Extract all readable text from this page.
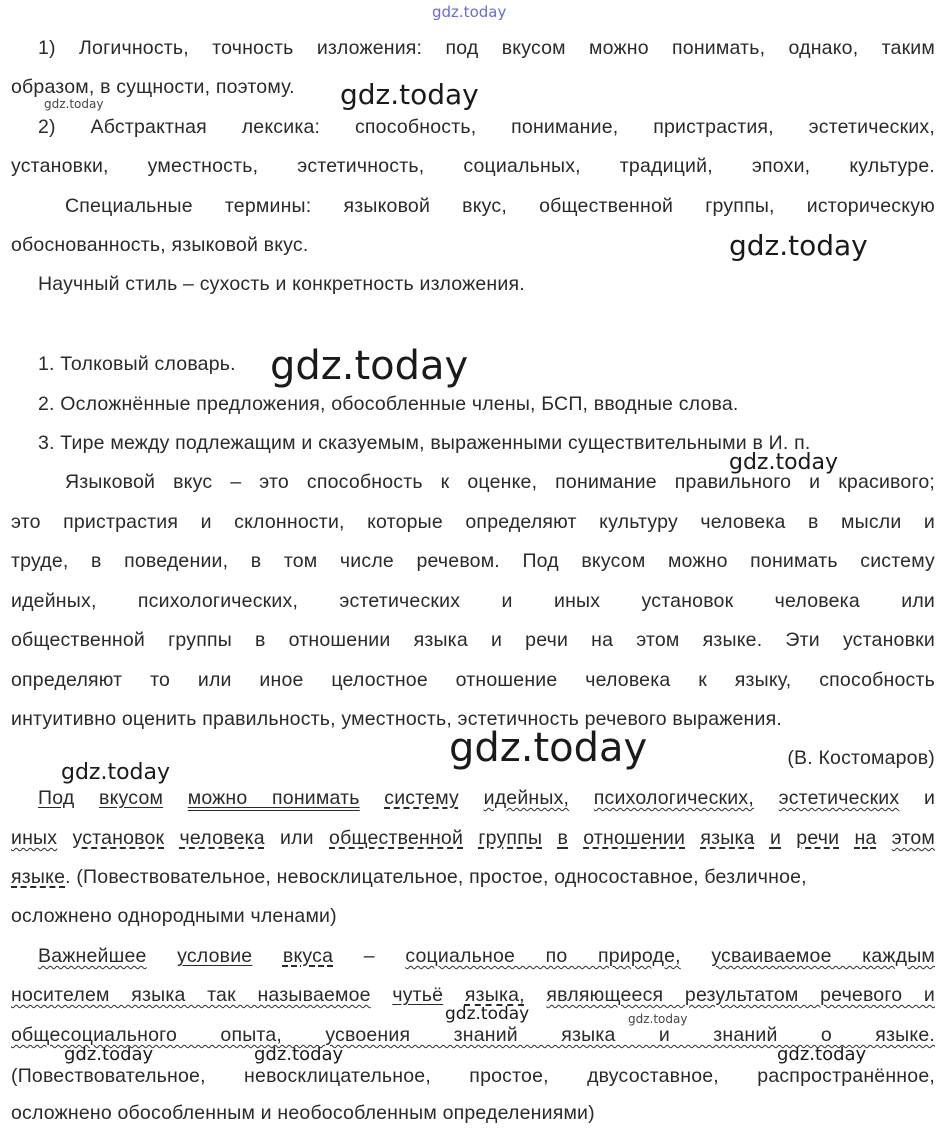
gdz.today
1) Логичность, точность изложения: под вкусом можно понимать, однако, таким
образом, в сущности, поэтому.
gdz.today	gdz.today
2) Абстрактная лексика: способность, понимание, пристрастия, эстетических,
установки, уместность, эстетичность, социальных, традиций, эпохи, культуре.
Специальные термины: языковой вкус, общественной группы, историческую
обоснованность, языковой вкус.	gdz.today
Научный стиль – сухость и конкретность изложения.
1. Толковый словарь. gdz.today
2. Осложнённые предложения, обособленные члены, БСП, вводные слова.
3. Тире между подлежащим и сказуемым, выраженными существительными в И. п.
gdz.today
Языковой вкус – это способность к оценке, понимание правильного и красивого;
это пристрастия и склонности, которые определяют культуру человека в мысли и
труде, в поведении, в том числе речевом. Под вкусом можно понимать систему
идейных, психологических, эстетических и иных установок человека или
общественной группы в отношении языка и речи на этом языке. Эти установки
определяют то или иное целостное отношение человека к языку, способность
интуитивно оценить правильность, уместность, эстетичность речевого выражения.
gdz.today	(В. Костомаров)
gdz.today
Под вкусом можно понимать систему идейных, психологических, эстетических и
иных установок человека или общественной группы в отношении языка и речи на этом
языке. (Повествовательное, невосклицательное, простое, односоставное, безличное,
осложнено однородными членами)
Важнейшее условие вкуса – социальное по природе, усваиваемое каждым
носителем языка так называемое чутьё языка, являющееся результатом речевого и
gdz.today	gdz.today
общесоциального опыта, усвоения знаний языка и знаний о языке.
gdz.today	gdz.today	gdz.today
(Повествовательное, невосклицательное, простое, двусоставное, распространённое,
осложнено обособленным и необособленным определениями)
